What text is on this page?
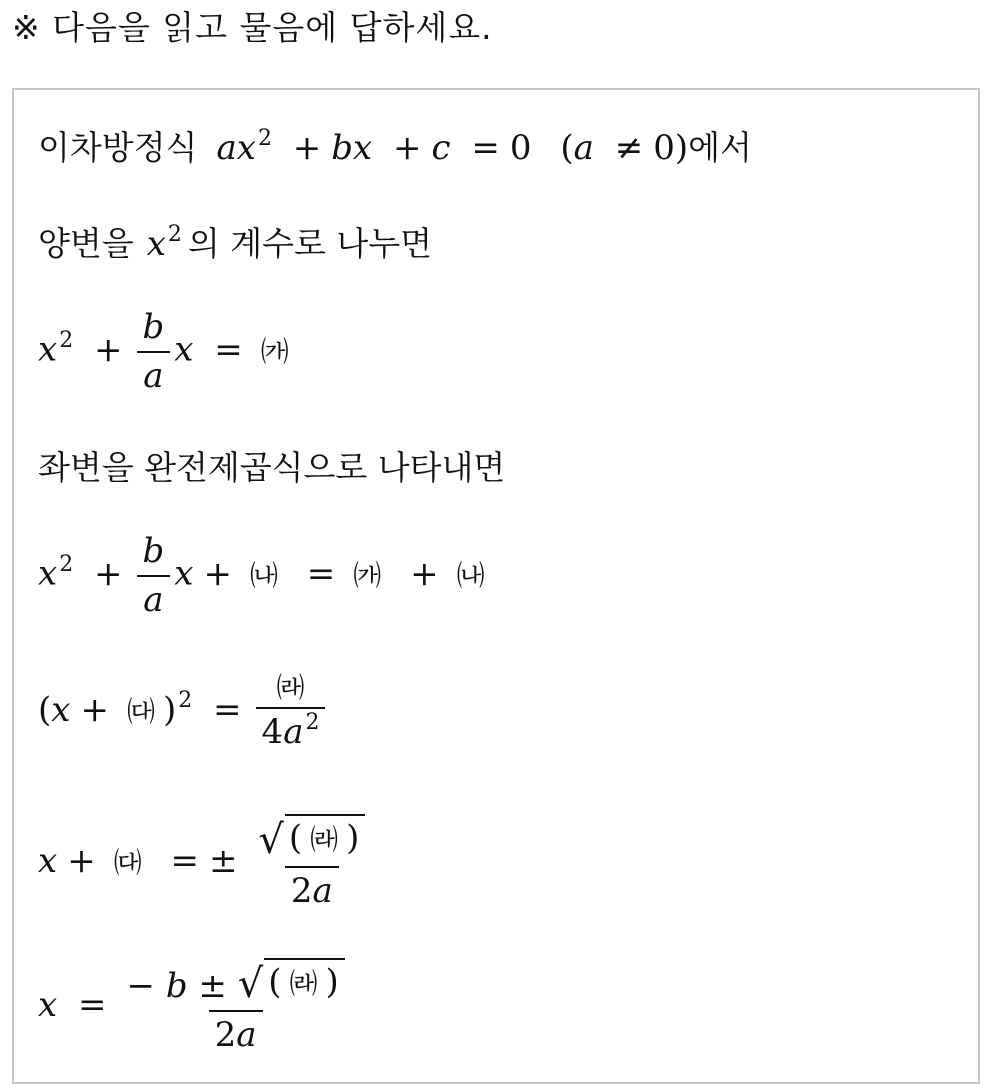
※ 다음을 읽고 물음에 답하세요.
이차방정식 $ax^2$ + bx + c = 0 (a ≠ 0)에서
양변을 $x^2$ 의 계수로 나누면
$x^2 + \frac{b}{a}$ x = ㈎
좌변을 완전제곱식으로 나타내면
$x^2 + \frac{b}{a}$ x + ㈏ = ㈎ + ㈏
(x + ㈐ )$^2 = \frac{㈑}{4a^2}$
x + ㈐ = ± $\frac{√ ( ㈑ )}{2a}$
$x = \frac{- b \pm √ ( ㈑ )}{2a}$
